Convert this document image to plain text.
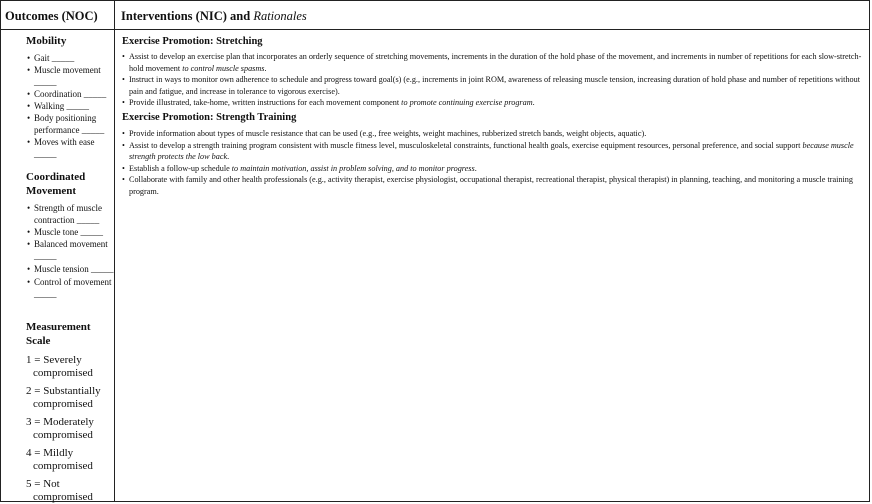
Outcomes (NOC) Interventions (NIC) and Rationales
Mobility
• Gait _____
• Muscle movement _____
• Coordination _____
• Walking _____
• Body positioning performance _____
• Moves with ease _____
Coordinated
Movement
• Strength of muscle contraction _____
• Muscle tone _____
• Balanced movement _____
• Muscle tension _____
• Control of movement _____
Measurement Scale
1 = Severely
compromised
2 = Substantially
compromised
3 = Moderately
compromised
4 = Mildly
compromised
5 = Not
compromised
Exercise Promotion: Stretching
• Assist to develop an exercise plan that incorporates an orderly sequence of stretching movements, increments in the duration of the hold phase of the movement, and increments in number of repetitions for each slow-stretch-hold movement to control muscle spasms.
• Instruct in ways to monitor own adherence to schedule and progress toward goal(s) (e.g., increments in joint ROM, awareness of releasing muscle tension, increasing duration of hold phase and number of repetitions without pain and fatigue, and increase in tolerance to vigorous exercise).
• Provide illustrated, take-home, written instructions for each movement component to promote continuing exercise program.
Exercise Promotion: Strength Training
• Provide information about types of muscle resistance that can be used (e.g., free weights, weight machines, rubberized stretch bands, weight objects, aquatic).
• Assist to develop a strength training program consistent with muscle fitness level, musculoskeletal constraints, functional health goals, exercise equipment resources, personal preference, and social support because muscle strength protects the low back.
• Establish a follow-up schedule to maintain motivation, assist in problem solving, and to monitor progress.
• Collaborate with family and other health professionals (e.g., activity therapist, exercise physiologist, occupational therapist, recreational therapist, physical therapist) in planning, teaching, and monitoring a muscle training program.
